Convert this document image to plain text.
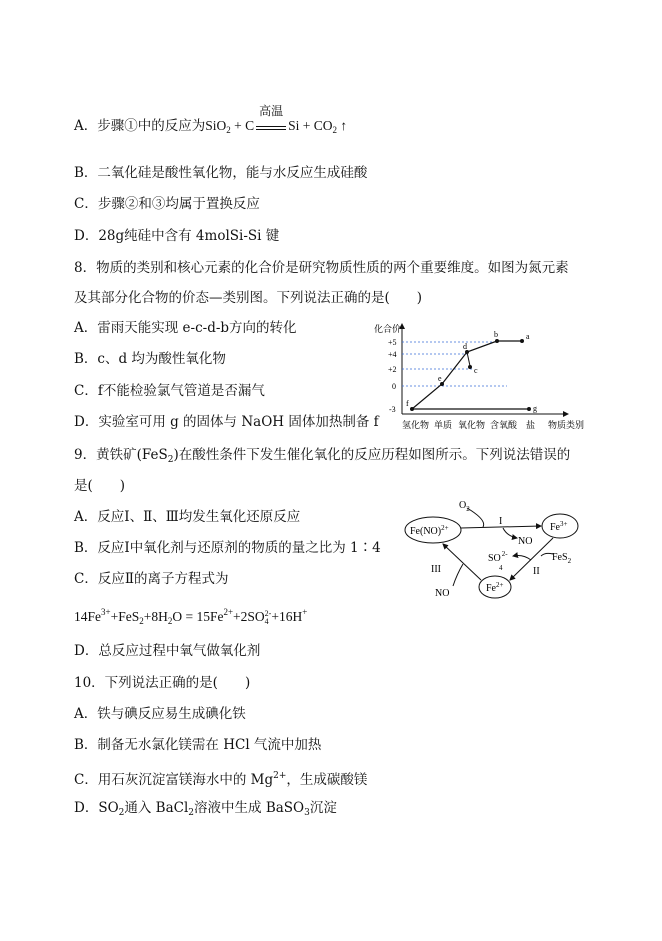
A．步骤①中的反应为SiO$_2$ + C
高温
$Si + CO_2$ ↑
B．二氧化硅是酸性氧化物，能与水反应生成硅酸
C．步骤②和③均属于置换反应
D．28g纯硅中含有 4molSi-Si 键
8．物质的类别和核心元素的化合价是研究物质性质的两个重要维度。如图为氮元素
及其部分化合物的价态—类别图。下列说法正确的是(　　)
A．雷雨天能实现 e-c-d-b方向的转化
B．c、d 均为酸性氧化物
C．f不能检验氯气管道是否漏气
D．实验室可用 g 的固体与 NaOH 固体加热制备 f
化合价
+5
+4
+2
0
-3
a
b
c
d
e
f
g
氢化物 单质 氧化物 含氧酸 盐 物质类别
9．黄铁矿(FeS$_2$)在酸性条件下发生催化氧化的反应历程如图所示。下列说法错误的
是(　　)
A．反应Ⅰ、Ⅱ、Ⅲ均发生氧化还原反应
B．反应Ⅰ中氧化剂与还原剂的物质的量之比为 1∶4
C．反应Ⅱ的离子方程式为
$14Fe^{3+}+FeS_2+8H_2O = 15Fe^{2+}+2SO$ 2-
4 +16H+
D．总反应过程中氧气做氧化剂
Fe(NO)$^{2+}$	$Fe^{3+}$
$Fe^{2+}$
$O_2$
I
NO
$SO^{2-}$
4
FeS$_2$
II
III
NO
10．下列说法正确的是(　　)
A．铁与碘反应易生成碘化铁
B．制备无水氯化镁需在 HCl 气流中加热
C．用石灰沉淀富镁海水中的 $Mg^{2+}$，生成碳酸镁
D．$SO_2$通入 BaCl$_2$溶液中生成 BaSO$_3$沉淀
